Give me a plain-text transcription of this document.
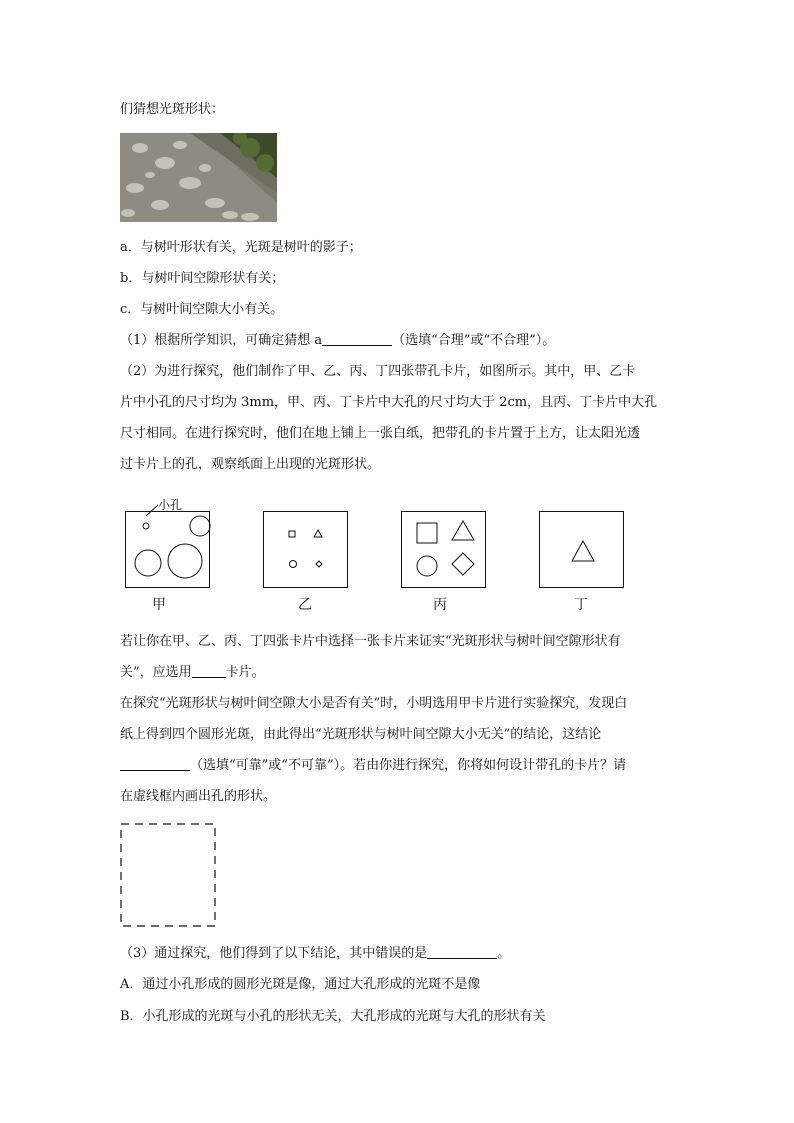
们猜想光斑形状：
a．与树叶形状有关，光斑是树叶的影子；
b．与树叶间空隙形状有关；
c．与树叶间空隙大小有关。
（1）根据所学知识，可确定猜想 a	（选填“合理”或“不合理”）。
（2）为进行探究，他们制作了甲、乙、丙、丁四张带孔卡片，如图所示。其中，甲、乙卡
片中小孔的尺寸均为 3mm，甲、丙、丁卡片中大孔的尺寸均大于 2cm，且丙、丁卡片中大孔
尺寸相同。在进行探究时，他们在地上铺上一张白纸，把带孔的卡片置于上方，让太阳光透
过卡片上的孔，观察纸面上出现的光斑形状。
小孔
甲	乙	丙	丁
若让你在甲、乙、丙、丁四张卡片中选择一张卡片来证实“光斑形状与树叶间空隙形状有
关”，应选用	卡片。
在探究“光斑形状与树叶间空隙大小是否有关”时，小明选用甲卡片进行实验探究，发现白
纸上得到四个圆形光斑，由此得出“光斑形状与树叶间空隙大小无关”的结论，这结论
（选填“可靠”或“不可靠”）。若由你进行探究，你将如何设计带孔的卡片？请
在虚线框内画出孔的形状。
（3）通过探究，他们得到了以下结论，其中错误的是	。
A．通过小孔形成的圆形光斑是像，通过大孔形成的光斑不是像
B．小孔形成的光斑与小孔的形状无关，大孔形成的光斑与大孔的形状有关
